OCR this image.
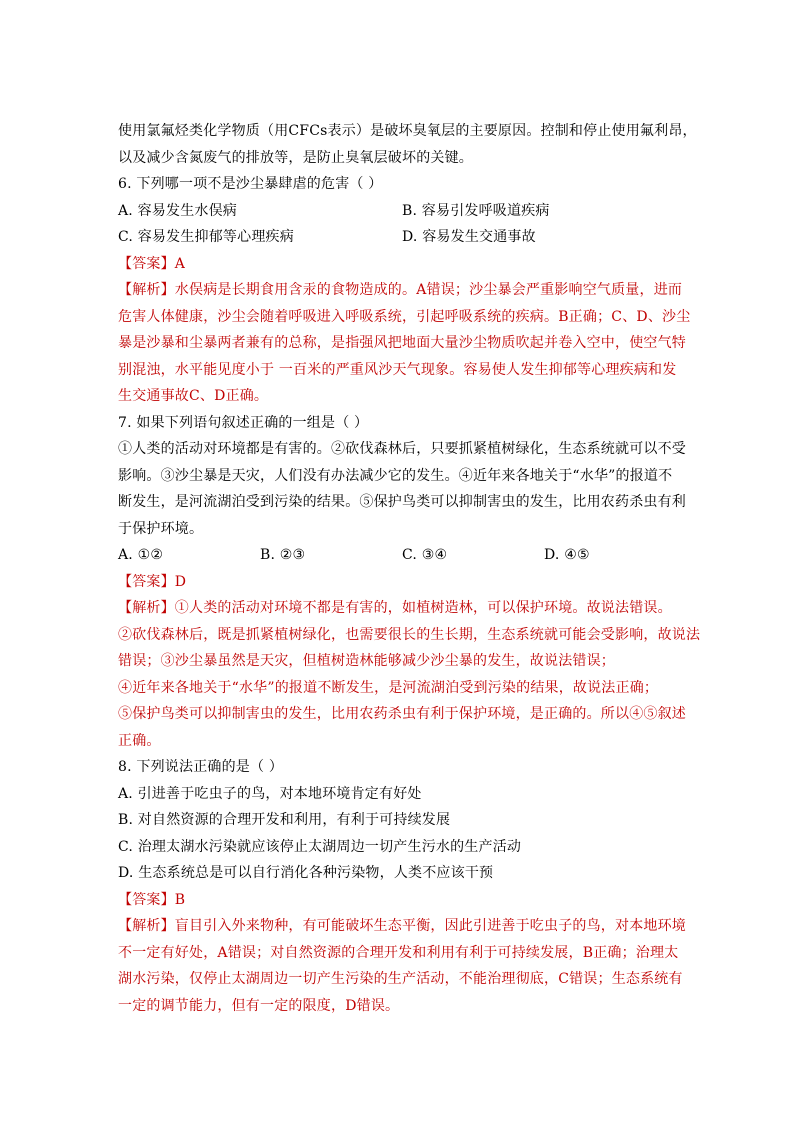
使用氯氟烃类化学物质（用CFCs表示）是破坏臭氧层的主要原因。控制和停止使用氟利昂，
以及减少含氮废气的排放等，是防止臭氧层破坏的关键。
6. 下列哪一项不是沙尘暴肆虐的危害（ ）
A. 容易发生水俣病	B. 容易引发呼吸道疾病
C. 容易发生抑郁等心理疾病	D. 容易发生交通事故
【答案】A
【解析】水俣病是长期食用含汞的食物造成的。A错误；沙尘暴会严重影响空气质量，进而
危害人体健康，沙尘会随着呼吸进入呼吸系统，引起呼吸系统的疾病。B正确；C、D、沙尘
暴是沙暴和尘暴两者兼有的总称，是指强风把地面大量沙尘物质吹起并卷入空中，使空气特
别混浊，水平能见度小于 一百米的严重风沙天气现象。容易使人发生抑郁等心理疾病和发
生交通事故C、D正确。
7. 如果下列语句叙述正确的一组是（ ）
①人类的活动对环境都是有害的。②砍伐森林后，只要抓紧植树绿化，生态系统就可以不受
影响。③沙尘暴是天灾，人们没有办法减少它的发生。④近年来各地关于“水华”的报道不
断发生，是河流湖泊受到污染的结果。⑤保护鸟类可以抑制害虫的发生，比用农药杀虫有利
于保护环境。
A. ①②	B. ②③	C. ③④	D. ④⑤
【答案】D
【解析】①人类的活动对环境不都是有害的，如植树造林，可以保护环境。故说法错误。
②砍伐森林后，既是抓紧植树绿化，也需要很长的生长期，生态系统就可能会受影响，故说法
错误；③沙尘暴虽然是天灾，但植树造林能够减少沙尘暴的发生，故说法错误；
④近年来各地关于“水华”的报道不断发生，是河流湖泊受到污染的结果，故说法正确；
⑤保护鸟类可以抑制害虫的发生，比用农药杀虫有利于保护环境，是正确的。所以④⑤叙述
正确。
8. 下列说法正确的是（ ）
A. 引进善于吃虫子的鸟，对本地环境肯定有好处
B. 对自然资源的合理开发和利用，有利于可持续发展
C. 治理太湖水污染就应该停止太湖周边一切产生污水的生产活动
D. 生态系统总是可以自行消化各种污染物，人类不应该干预
【答案】B
【解析】盲目引入外来物种，有可能破坏生态平衡，因此引进善于吃虫子的鸟，对本地环境
不一定有好处，A错误；对自然资源的合理开发和利用有利于可持续发展，B正确；治理太
湖水污染，仅停止太湖周边一切产生污染的生产活动，不能治理彻底，C错误；生态系统有
一定的调节能力，但有一定的限度，D错误。
